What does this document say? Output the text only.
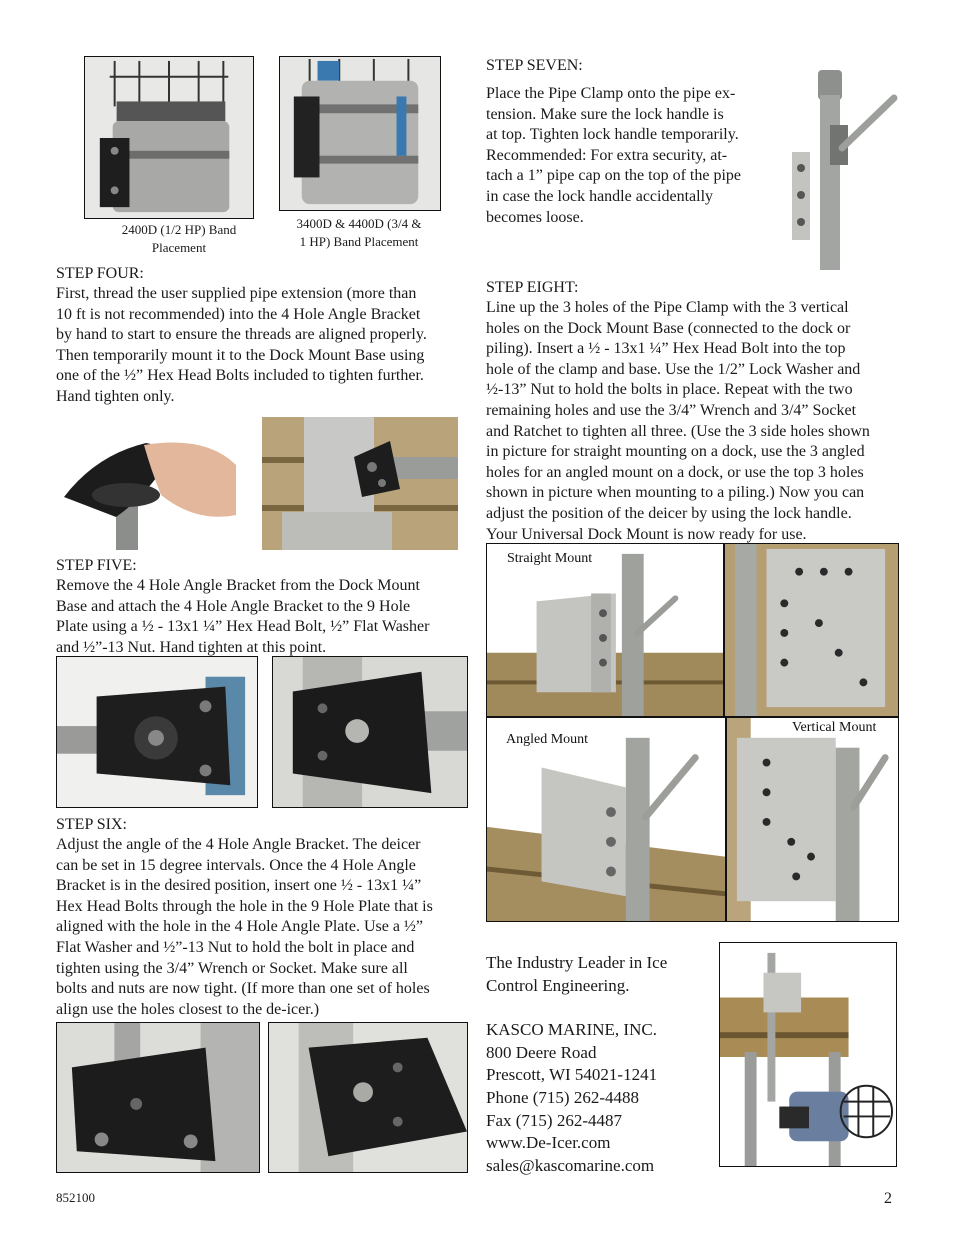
2400D (1/2 HP) Band
Placement
3400D & 4400D (3/4 &
1 HP) Band Placement
STEP FOUR:
First, thread the user supplied pipe extension (more than
10 ft is not recommended) into the 4 Hole Angle Bracket
by hand to start to ensure the threads are aligned properly.
Then temporarily mount it to the Dock Mount Base using
one of the ½” Hex Head Bolts included to tighten further.
Hand tighten only.
STEP FIVE:
Remove the 4 Hole Angle Bracket from the Dock Mount
Base and attach the 4 Hole Angle Bracket to the 9 Hole
Plate using a ½ - 13x1 ¼” Hex Head Bolt, ½” Flat Washer
and ½”-13 Nut. Hand tighten at this point.
STEP SIX:
Adjust the angle of the 4 Hole Angle Bracket. The deicer
can be set in 15 degree intervals. Once the 4 Hole Angle
Bracket is in the desired position, insert one ½ - 13x1 ¼”
Hex Head Bolts through the hole in the 9 Hole Plate that is
aligned with the hole in the 4 Hole Angle Plate. Use a ½”
Flat Washer and ½”-13 Nut to hold the bolt in place and
tighten using the 3/4” Wrench or Socket. Make sure all
bolts and nuts are now tight. (If more than one set of holes
align use the holes closest to the de-icer.)
STEP SEVEN:
Place the Pipe Clamp onto the pipe ex-
tension. Make sure the lock handle is
at top. Tighten lock handle temporarily.
Recommended: For extra security, at-
tach a 1” pipe cap on the top of the pipe
in case the lock handle accidentally
becomes loose.
STEP EIGHT:
Line up the 3 holes of the Pipe Clamp with the 3 vertical
holes on the Dock Mount Base (connected to the dock or
piling). Insert a ½ - 13x1 ¼” Hex Head Bolt into the top
hole of the clamp and base. Use the 1/2” Lock Washer and
½-13” Nut to hold the bolts in place. Repeat with the two
remaining holes and use the 3/4” Wrench and 3/4” Socket
and Ratchet to tighten all three. (Use the 3 side holes shown
in picture for straight mounting on a dock, use the 3 angled
holes for an angled mount on a dock, or use the top 3 holes
shown in picture when mounting to a piling.) Now you can
adjust the position of the deicer by using the lock handle.
Your Universal Dock Mount is now ready for use.
Straight Mount
Angled Mount
Vertical Mount
The Industry Leader in Ice
Control Engineering.
KASCO MARINE, INC.
800 Deere Road
Prescott, WI 54021-1241
Phone (715) 262-4488
Fax (715) 262-4487
www.De-Icer.com
sales@kascomarine.com
852100	2
